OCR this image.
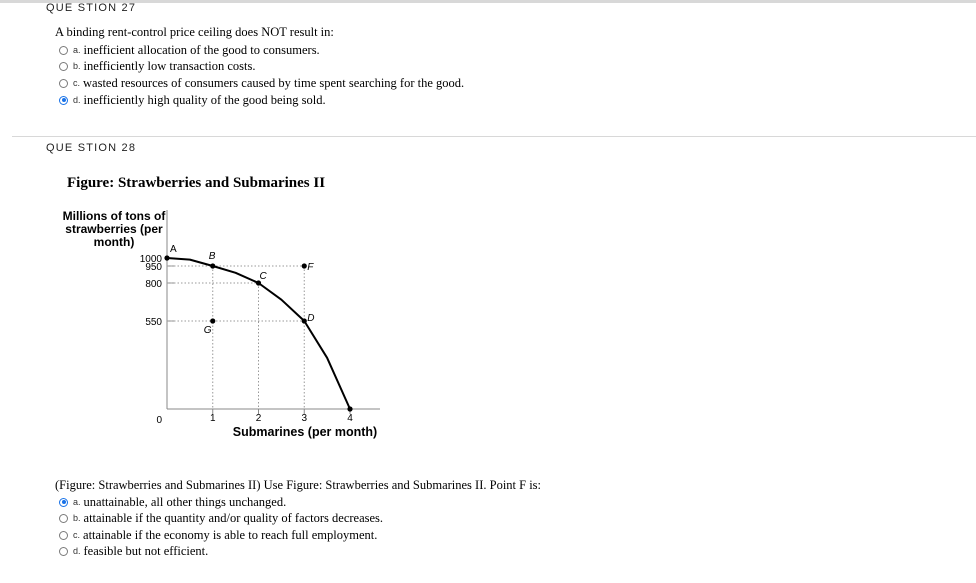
QUE STION 27
A binding rent-control price ceiling does NOT result in:
a. inefficient allocation of the good to consumers.
b. inefficiently low transaction costs.
c. wasted resources of consumers caused by time spent searching for the good.
d. inefficiently high quality of the good being sold.
QUE STION 28
Figure: Strawberries and Submarines II
Millions of tons of strawberries (per month)
0
550
800
950
1000
1	2	3	4
Submarines (per month)
A
B
C
D
F
G
(Figure: Strawberries and Submarines II) Use Figure: Strawberries and Submarines II. Point F is:
a. unattainable, all other things unchanged.
b. attainable if the quantity and/or quality of factors decreases.
c. attainable if the economy is able to reach full employment.
d. feasible but not efficient.
